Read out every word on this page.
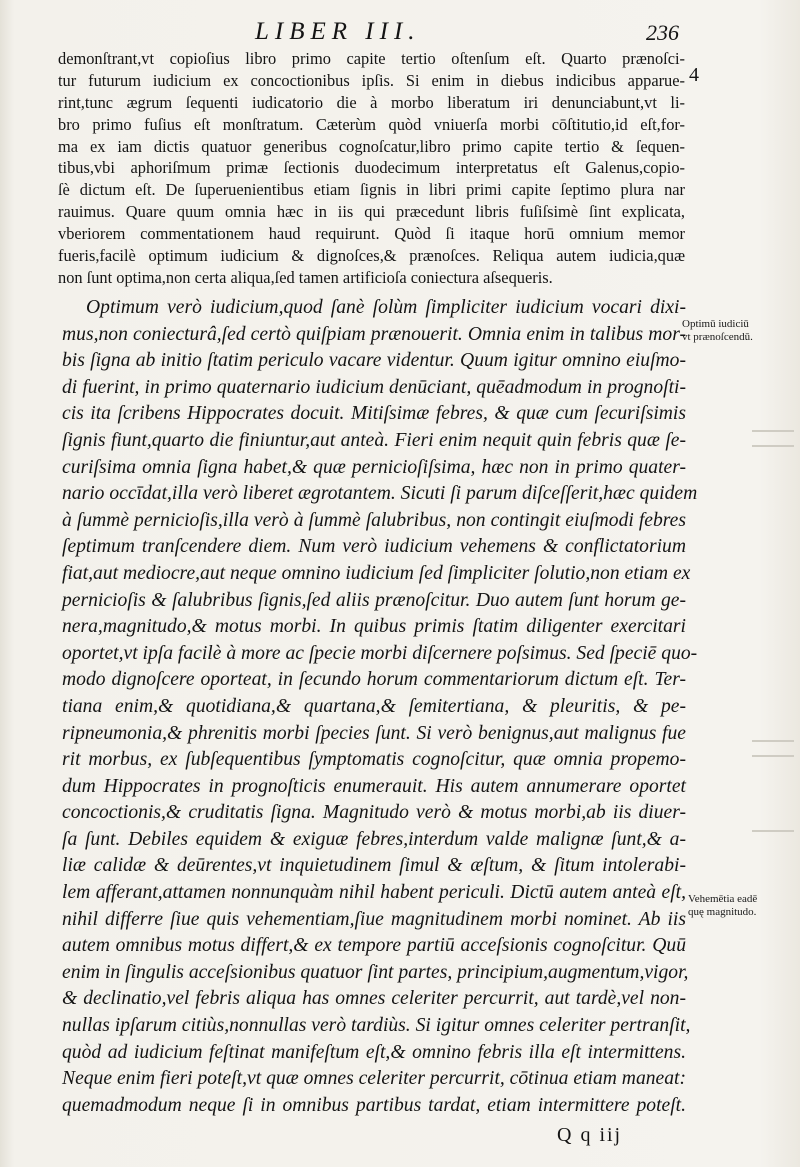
LIBER III.	236
4
demonſtrant,vt copioſius libro primo capite tertio oſtenſum eſt. Quarto prænoſci-
tur futurum iudicium ex concoctionibus ipſis. Si enim in diebus indicibus apparue-
rint,tunc ægrum ſequenti iudicatorio die à morbo liberatum iri denunciabunt,vt li-
bro primo fuſius eſt monſtratum. Cæterùm quòd vniuerſa morbi cōſtitutio,id eſt,for-
ma ex iam dictis quatuor generibus cognoſcatur,libro primo capite tertio & ſequen-
tibus,vbi aphoriſmum primæ ſectionis duodecimum interpretatus eſt Galenus,copio-
ſè dictum eſt. De ſuperuenientibus etiam ſignis in libri primi capite ſeptimo plura nar
rauimus. Quare quum omnia hæc in iis qui præcedunt libris fuſiſsimè ſint explicata,
vberiorem commentationem haud requirunt. Quòd ſi itaque horū omnium memor
fueris,facilè optimum iudicium & dignoſces,& prænoſces. Reliqua autem iudicia,quæ
non ſunt optima,non certa aliqua,ſed tamen artificioſa coniectura aſsequeris.
Optimum verò iudicium,quod ſanè ſolùm ſimpliciter iudicium vocari dixi-
mus,non coniecturâ,ſed certò quiſpiam prænouerit. Omnia enim in talibus mor-
bis ſigna ab initio ſtatim periculo vacare videntur. Quum igitur omnino eiuſmo-
di fuerint, in primo quaternario iudicium denūciant, quēadmodum in prognoſti-
cis ita ſcribens Hippocrates docuit. Mitiſsimæ febres, & quæ cum ſecuriſsimis
ſignis fiunt,quarto die finiuntur,aut anteà. Fieri enim nequit quin febris quæ ſe-
curiſsima omnia ſigna habet,& quæ pernicioſiſsima, hæc non in primo quater-
nario occīdat,illa verò liberet ægrotantem. Sicuti ſi parum diſceſſerit,hæc quidem
à ſummè pernicioſis,illa verò à ſummè ſalubribus, non contingit eiuſmodi febres
ſeptimum tranſcendere diem. Num verò iudicium vehemens & conflictatorium
fiat,aut mediocre,aut neque omnino iudicium ſed ſimpliciter ſolutio,non etiam ex
pernicioſis & ſalubribus ſignis,ſed aliis prænoſcitur. Duo autem ſunt horum ge-
nera,magnitudo,& motus morbi. In quibus primis ſtatim diligenter exercitari
oportet,vt ipſa facilè à more ac ſpecie morbi diſcernere poſsimus. Sed ſpeciē quo-
modo dignoſcere oporteat, in ſecundo horum commentariorum dictum eſt. Ter-
tiana enim,& quotidiana,& quartana,& ſemitertiana, & pleuritis, & pe-
ripneumonia,& phrenitis morbi ſpecies ſunt. Si verò benignus,aut malignus fue
rit morbus, ex ſubſequentibus ſymptomatis cognoſcitur, quæ omnia propemo-
dum Hippocrates in prognoſticis enumerauit. His autem annumerare oportet
concoctionis,& cruditatis ſigna. Magnitudo verò & motus morbi,ab iis diuer-
ſa ſunt. Debiles equidem & exiguæ febres,interdum valde malignæ ſunt,& a-
liæ calidæ & deūrentes,vt inquietudinem ſimul & æſtum, & ſitum intolerabi-
lem afferant,attamen nonnunquàm nihil habent periculi. Dictū autem anteà eſt,
nihil differre ſiue quis vehementiam,ſiue magnitudinem morbi nominet. Ab iis
autem omnibus motus differt,& ex tempore partiū acceſsionis cognoſcitur. Quū
enim in ſingulis acceſsionibus quatuor ſint partes, principium,augmentum,vigor,
& declinatio,vel febris aliqua has omnes celeriter percurrit, aut tardè,vel non-
nullas ipſarum citiùs,nonnullas verò tardiùs. Si igitur omnes celeriter pertranſit,
quòd ad iudicium feſtinat manifeſtum eſt,& omnino febris illa eſt intermittens.
Neque enim fieri poteſt,vt quæ omnes celeriter percurrit, cōtinua etiam maneat:
quemadmodum neque ſi in omnibus partibus tardat, etiam intermittere poteſt.
Optimū iudiciū
vt prænoſcendū.
Vehemētia eadē
quę magnitudo.
Q q iij
